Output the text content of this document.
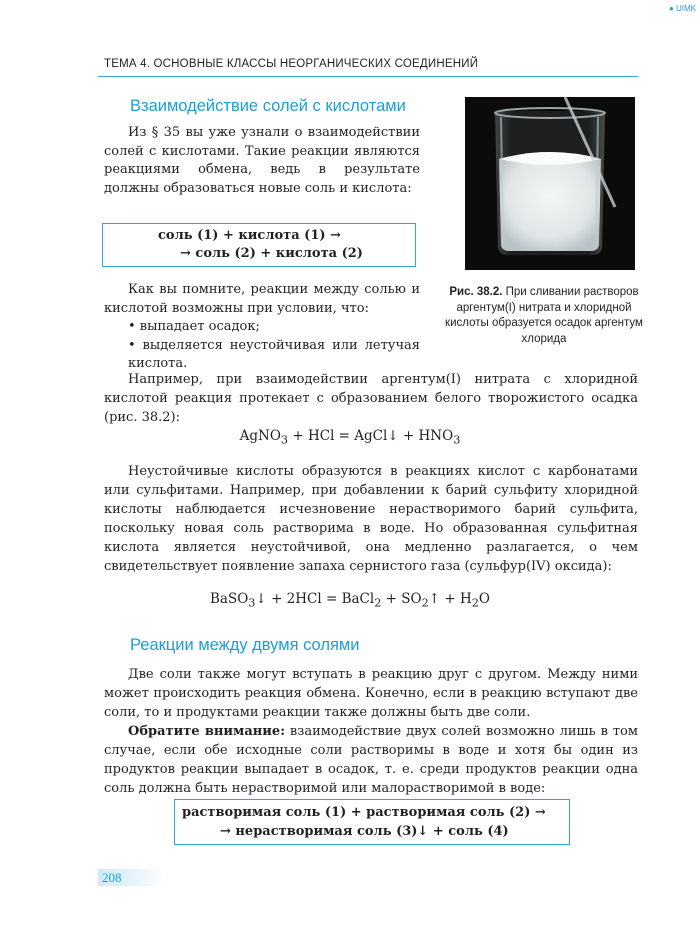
● UIMK
ТЕМА 4. ОСНОВНЫЕ КЛАССЫ НЕОРГАНИЧЕСКИХ СОЕДИНЕНИЙ
Взаимодействие солей с кислотами

Из § 35 вы уже узнали о взаимодействии солей с кислотами. Такие реакции являются реакциями обмена, ведь в результате должны образоваться новые соль и кислота:

соль (1) + кислота (1) →
→ соль (2) + кислота (2)

Как вы помните, реакции между солью и кислотой возможны при условии, что:

• выпадает осадок;

• выделяется неустойчивая или летучая кислота.

Рис. 38.2. При сливании растворов аргентум(I) нитрата и хлоридной кислоты образуется осадок аргентум хлорида

Например, при взаимодействии аргентум(I) нитрата с хлоридной кислотой реакция протекает с образованием белого творожистого осадка (рис. 38.2):

AgNO$_3$ + HCl = AgCl↓ + $HNO_3$

Неустойчивые кислоты образуются в реакциях кислот с карбонатами или сульфитами. Например, при добавлении к барий сульфиту хлоридной кислоты наблюдается исчезновение нерастворимого барий сульфита, поскольку новая соль растворима в воде. Но образованная сульфитная кислота является неустойчивой, она медленно разлагается, о чем свидетельствует появление запаха сернистого газа (сульфур(IV) оксида):

BaSO$_3$↓ + 2HCl = BaCl$_2$ + $SO_2↑ + H_2O$
Реакции между двумя солями

Две соли также могут вступать в реакцию друг с другом. Между ними может происходить реакция обмена. Конечно, если в реакцию вступают две соли, то и продуктами реакции также должны быть две соли.

Обратите внимание: взаимодействие двух солей возможно лишь в том случае, если обе исходные соли растворимы в воде и хотя бы один из продуктов реакции выпадает в осадок, т. е. среди продуктов реакции одна соль должна быть нерастворимой или малорастворимой в воде:

растворимая соль (1) + растворимая соль (2) →
→ нерастворимая соль (3)↓ + соль (4)
208
